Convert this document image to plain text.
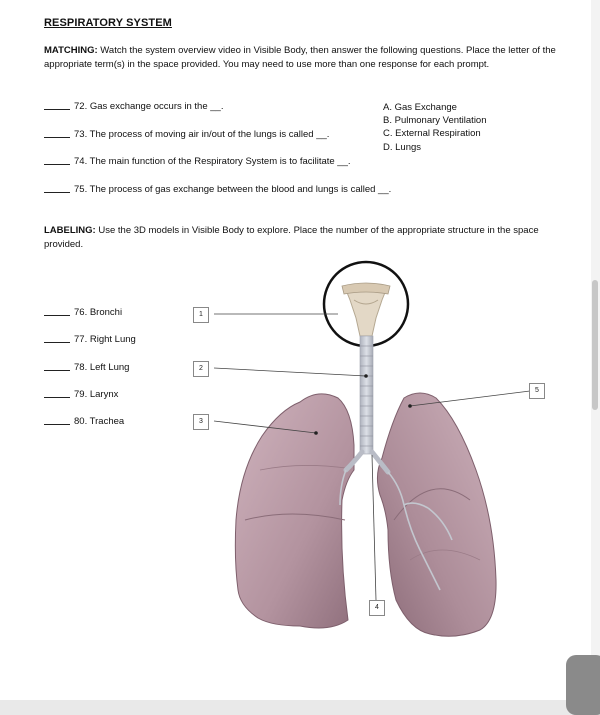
RESPIRATORY SYSTEM
MATCHING: Watch the system overview video in Visible Body, then answer the following questions. Place the letter of the appropriate term(s) in the space provided. You may need to use more than one response for each prompt.
72. Gas exchange occurs in the __.
73. The process of moving air in/out of the lungs is called __.
74. The main function of the Respiratory System is to facilitate __.
75. The process of gas exchange between the blood and lungs is called __.
A. Gas Exchange
B. Pulmonary Ventilation
C. External Respiration
D. Lungs
LABELING: Use the 3D models in Visible Body to explore. Place the number of the appropriate structure in the space provided.
76. Bronchi
77. Right Lung
78. Left Lung
79. Larynx
80. Trachea
1
2
3
4
5
